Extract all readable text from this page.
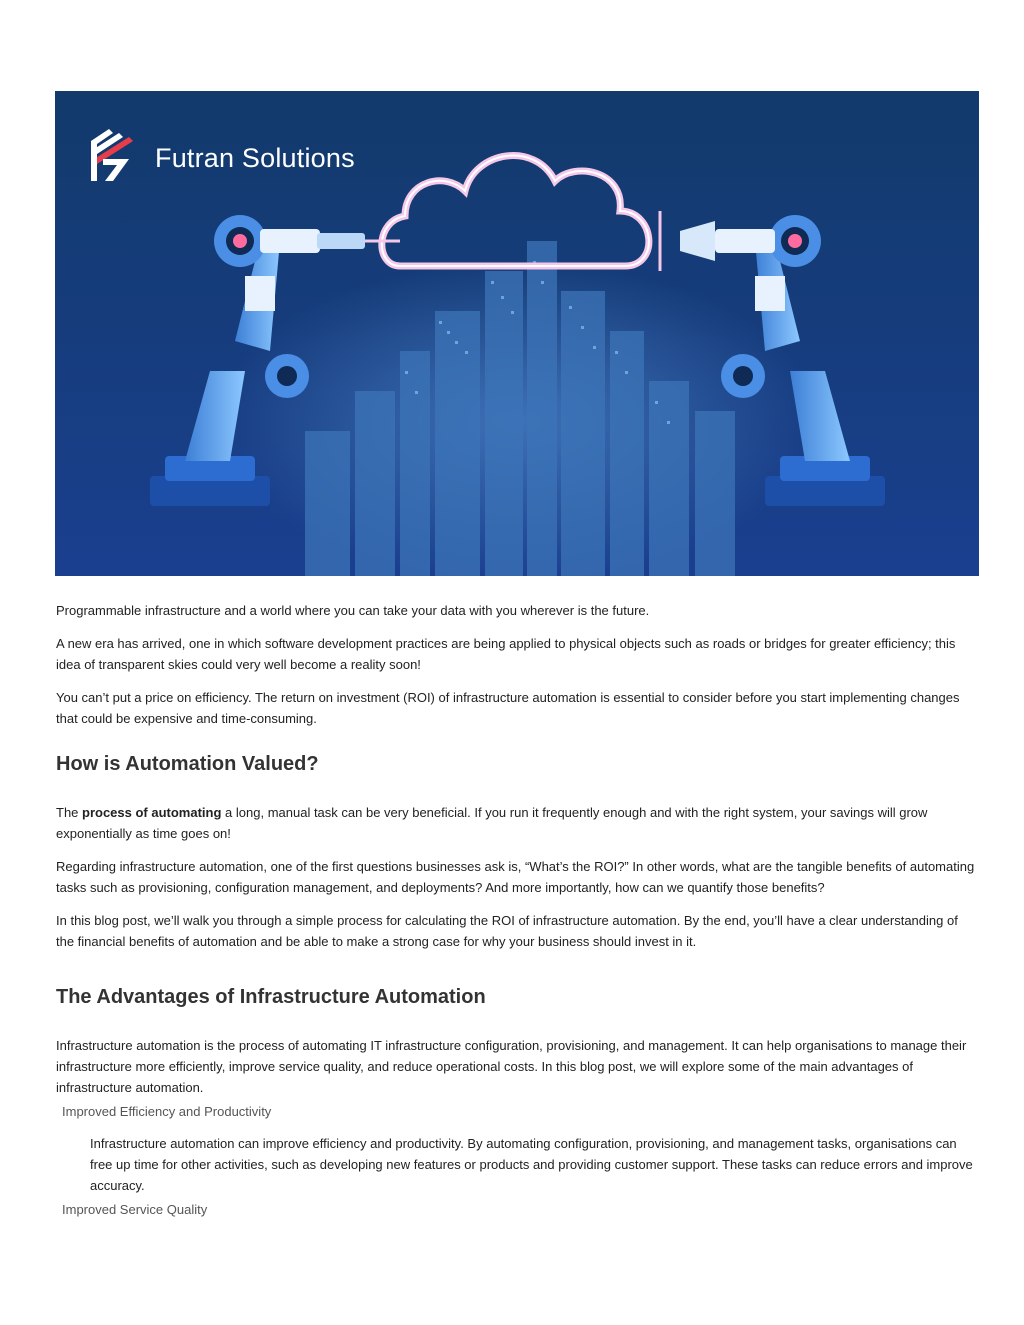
Futran Solutions

Programmable infrastructure and a world where you can take your data with you wherever is the future.

A new era has arrived, one in which software development practices are being applied to physical objects such as roads or bridges for greater efficiency; this idea of transparent skies could very well become a reality soon!

You can’t put a price on efficiency. The return on investment (ROI) of infrastructure automation is essential to consider before you start implementing changes that could be expensive and time-consuming.

How is Automation Valued?

The process of automating a long, manual task can be very beneficial. If you run it frequently enough and with the right system, your savings will grow exponentially as time goes on!

Regarding infrastructure automation, one of the first questions businesses ask is, “What’s the ROI?” In other words, what are the tangible benefits of automating tasks such as provisioning, configuration management, and deployments? And more importantly, how can we quantify those benefits?

In this blog post, we’ll walk you through a simple process for calculating the ROI of infrastructure automation. By the end, you’ll have a clear understanding of the financial benefits of automation and be able to make a strong case for why your business should invest in it.

The Advantages of Infrastructure Automation

Infrastructure automation is the process of automating IT infrastructure configuration, provisioning, and management. It can help organisations to manage their infrastructure more efficiently, improve service quality, and reduce operational costs. In this blog post, we will explore some of the main advantages of infrastructure automation.

Improved Efficiency and Productivity

Infrastructure automation can improve efficiency and productivity. By automating configuration, provisioning, and management tasks, organisations can free up time for other activities, such as developing new features or products and providing customer support. These tasks can reduce errors and improve accuracy.

Improved Service Quality
